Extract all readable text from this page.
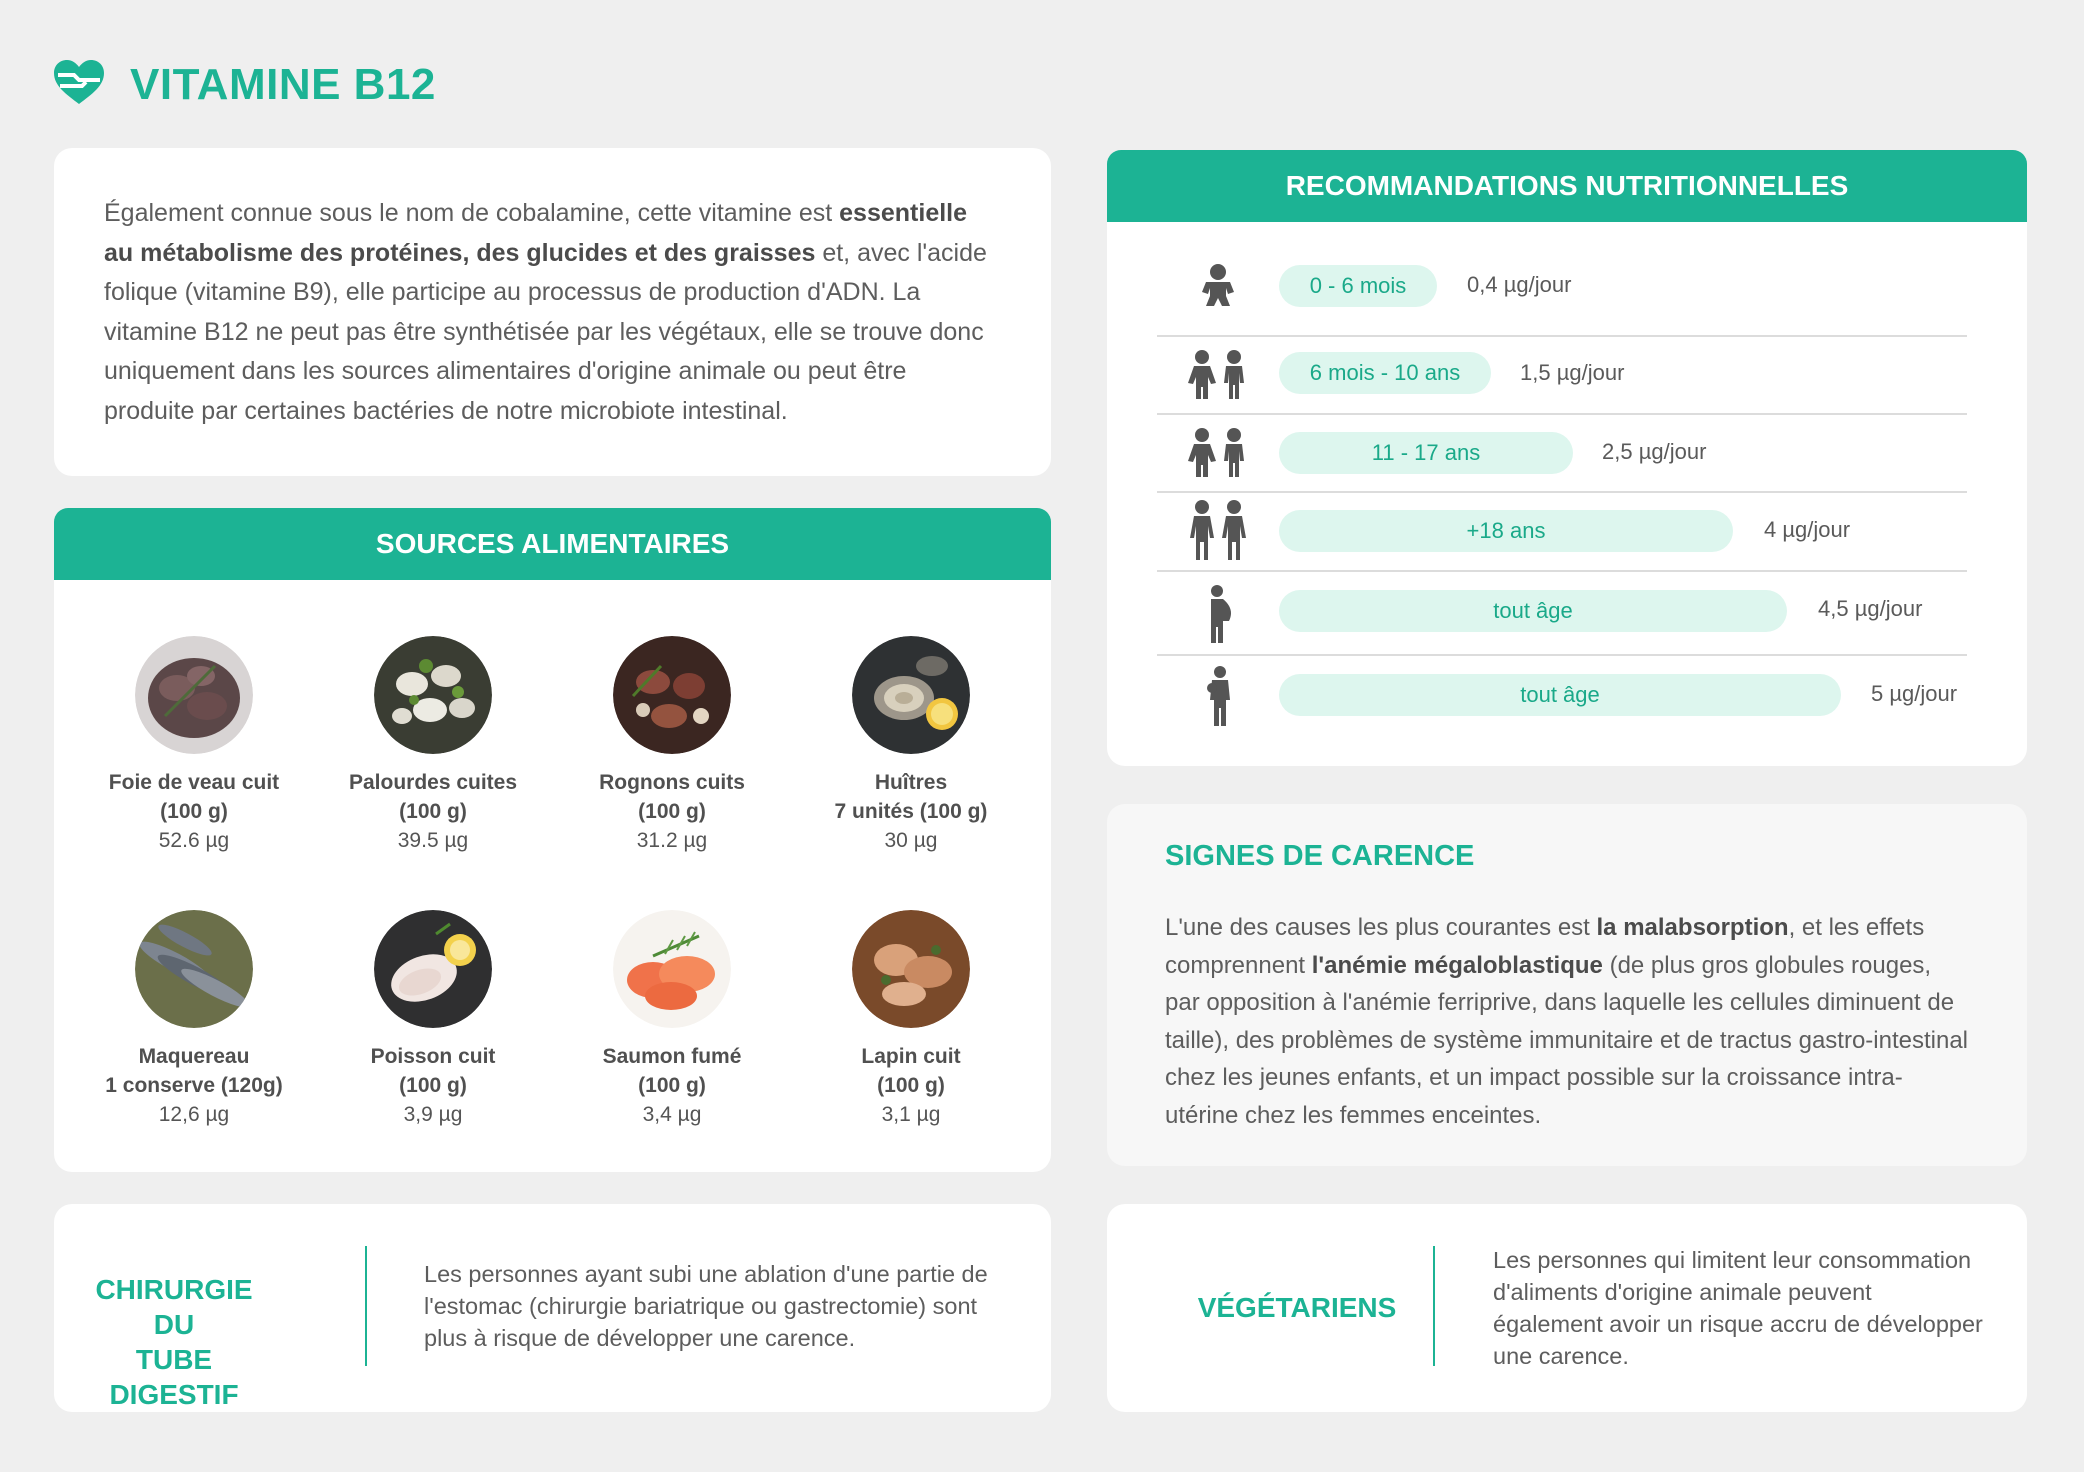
VITAMINE B12

Également connue sous le nom de cobalamine, cette vitamine est essentielle au métabolisme des protéines, des glucides et des graisses et, avec l'acide folique (vitamine B9), elle participe au processus de production d'ADN. La vitamine B12 ne peut pas être synthétisée par les végétaux, elle se trouve donc uniquement dans les sources alimentaires d'origine animale ou peut être produite par certaines bactéries de notre microbiote intestinal.

SOURCES ALIMENTAIRES
Foie de veau cuit
(100 g)
52.6 µg
Palourdes cuites
(100 g)
39.5 µg
Rognons cuits
(100 g)
31.2 µg
Huîtres
7 unités (100 g)
30 µg
Maquereau
1 conserve (120g)
12,6 µg
Poisson cuit
(100 g)
3,9 µg
Saumon fumé
(100 g)
3,4 µg
Lapin cuit
(100 g)
3,1 µg
RECOMMANDATIONS NUTRITIONNELLES
0 - 6 mois	0,4 µg/jour
6 mois - 10 ans	1,5 µg/jour
11 - 17 ans	2,5 µg/jour
+18 ans	4 µg/jour
tout âge	4,5 µg/jour
tout âge	5 µg/jour
SIGNES DE CARENCE

L'une des causes les plus courantes est la malabsorption, et les effets comprennent l'anémie mégaloblastique (de plus gros globules rouges, par opposition à l'anémie ferriprive, dans laquelle les cellules diminuent de taille), des problèmes de système immunitaire et de tractus gastro-intestinal chez les jeunes enfants, et un impact possible sur la croissance intra-utérine chez les femmes enceintes.

CHIRURGIE DU
TUBE DIGESTIF
Les personnes ayant subi une ablation d'une partie de l'estomac (chirurgie bariatrique ou gastrectomie) sont plus à risque de développer une carence.
VÉGÉTARIENS
Les personnes qui limitent leur consommation d'aliments d'origine animale peuvent également avoir un risque accru de développer une carence.
